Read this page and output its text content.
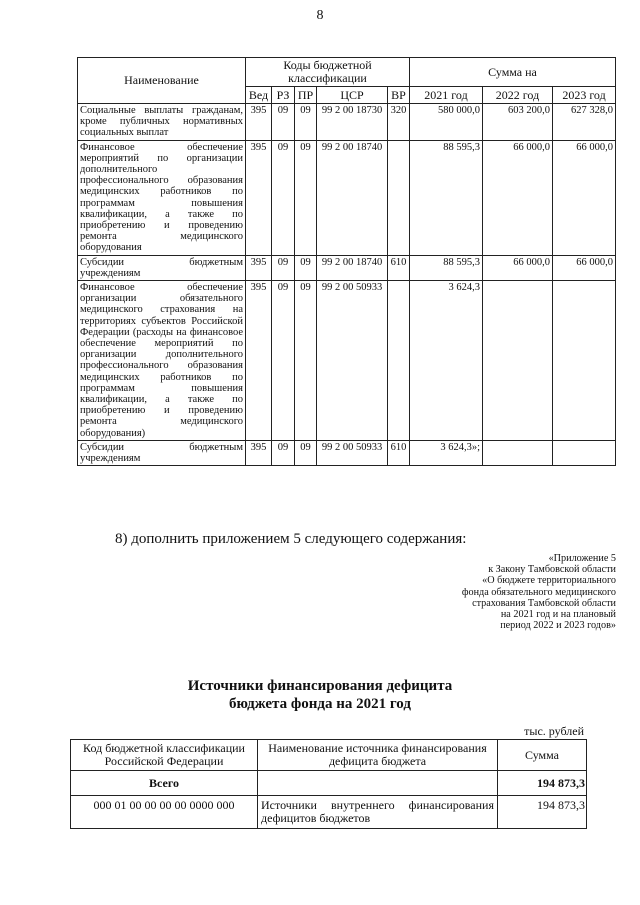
8
Наименование	Коды бюджетной классификации					Сумма на		
	Вед	РЗ	ПР	ЦСР	ВР	2021 год	2022 год	2023 год
Социальные выплаты гражданам, кроме публичных нормативных социальных выплат	395	09	09	99 2 00 18730	320	580 000,0	603 200,0	627 328,0
Финансовое обеспечение мероприятий по организации дополнительного профессионального образования медицинских работников по программам повышения квалификации, а также по приобретению и проведению ремонта медицинского оборудования	395	09	09	99 2 00 18740		88 595,3	66 000,0	66 000,0
Субсидии бюджетным учреждениям	395	09	09	99 2 00 18740	610	88 595,3	66 000,0	66 000,0
Финансовое обеспечение организации обязательного медицинского страхования на территориях субъектов Российской Федерации (расходы на финансовое обеспечение мероприятий по организации дополнительного профессионального образования медицинских работников по программам повышения квалификации, а также по приобретению и проведению ремонта медицинского оборудования)	395	09	09	99 2 00 50933		3 624,3		
Субсидии бюджетным учреждениям	395	09	09	99 2 00 50933	610	3 624,3»;		
8) дополнить приложением 5 следующего содержания:
«Приложение 5
к Закону Тамбовской области
«О бюджете территориального
фонда обязательного медицинского
страхования Тамбовской области
на 2021 год и на плановый
период 2022 и 2023 годов»
Источники финансирования дефицита
бюджета фонда на 2021 год
тыс. рублей
Код бюджетной классификации Российской Федерации	Наименование источника финансирования дефицита бюджета	Сумма
Всего		194 873,3
000 01 00 00 00 00 0000 000	Источники внутреннего финансирования дефицитов бюджетов	194 873,3
